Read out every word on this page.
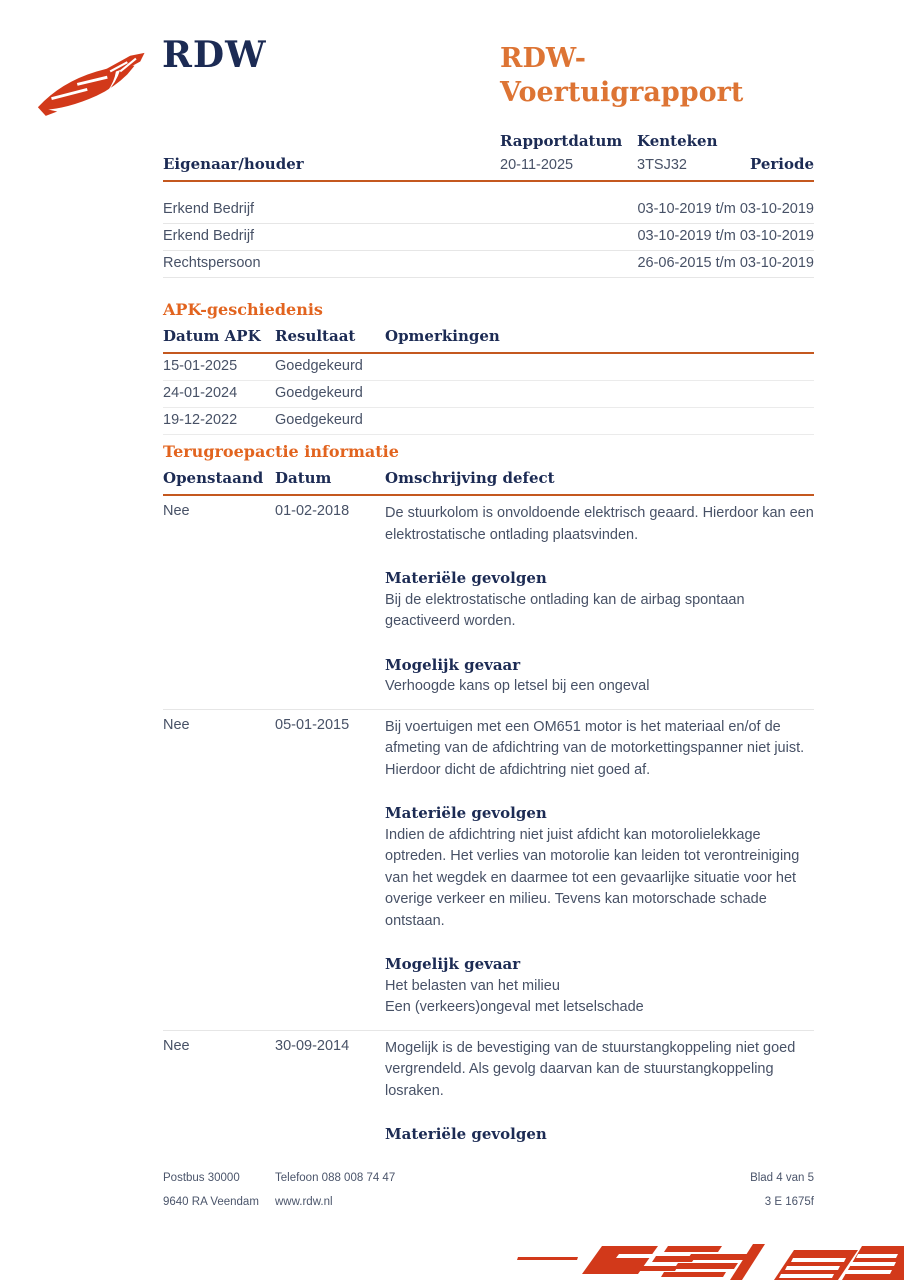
RDW	RDW-Voertuigrapport
Rapportdatum
20-11-2025
Kenteken
3TSJ32
Eigenaar/houder	Periode
Erkend Bedrijf	03-10-2019 t/m 03-10-2019
Erkend Bedrijf	03-10-2019 t/m 03-10-2019
Rechtspersoon	26-06-2015 t/m 03-10-2019
APK-geschiedenis
Datum APK Resultaat	Opmerkingen
15-01-2025	Goedgekeurd
24-01-2024	Goedgekeurd
19-12-2022	Goedgekeurd
Terugroepactie informatie
Openstaand Datum	Omschrijving defect
Nee	01-02-2018	De stuurkolom is onvoldoende elektrisch geaard. Hierdoor kan een elektrostatische ontlading plaatsvinden.

Materiële gevolgen

Bij de elektrostatische ontlading kan de airbag spontaan geactiveerd worden.

Mogelijk gevaar

Verhoogde kans op letsel bij een ongeval

Nee	05-01-2015	Bij voertuigen met een OM651 motor is het materiaal en/of de afmeting van de afdichtring van de motorkettingspanner niet juist. Hierdoor dicht de afdichtring niet goed af.

Materiële gevolgen

Indien de afdichtring niet juist afdicht kan motorolielekkage optreden. Het verlies van motorolie kan leiden tot verontreiniging van het wegdek en daarmee tot een gevaarlijke situatie voor het overige verkeer en milieu. Tevens kan motorschade schade ontstaan.

Mogelijk gevaar

Het belasten van het milieu

Een (verkeers)ongeval met letselschade

Nee	30-09-2014	Mogelijk is de bevestiging van de stuurstangkoppeling niet goed vergrendeld. Als gevolg daarvan kan de stuurstangkoppeling losraken.

Materiële gevolgen

Postbus 30000	Telefoon 088 008 74 47	Blad 4 van 5
9640 RA Veendam	www.rdw.nl	3 E 1675f
